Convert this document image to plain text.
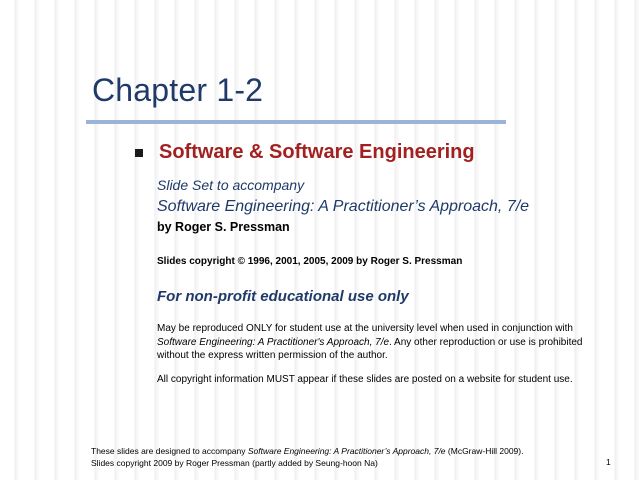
Chapter 1-2
Software & Software Engineering
Slide Set to accompany
Software Engineering: A Practitioner’s Approach, 7/e
by Roger S. Pressman
Slides copyright © 1996, 2001, 2005, 2009 by Roger S. Pressman
For non-profit educational use only
May be reproduced ONLY for student use at the university level when used in conjunction with Software Engineering: A Practitioner's Approach, 7/e. Any other reproduction or use is prohibited without the express written permission of the author.
All copyright information MUST appear if these slides are posted on a website for student use.
These slides are designed to accompany Software Engineering: A Practitioner’s Approach, 7/e (McGraw-Hill 2009).
Slides copyright 2009 by Roger Pressman (partly added by Seung-hoon Na)	1
